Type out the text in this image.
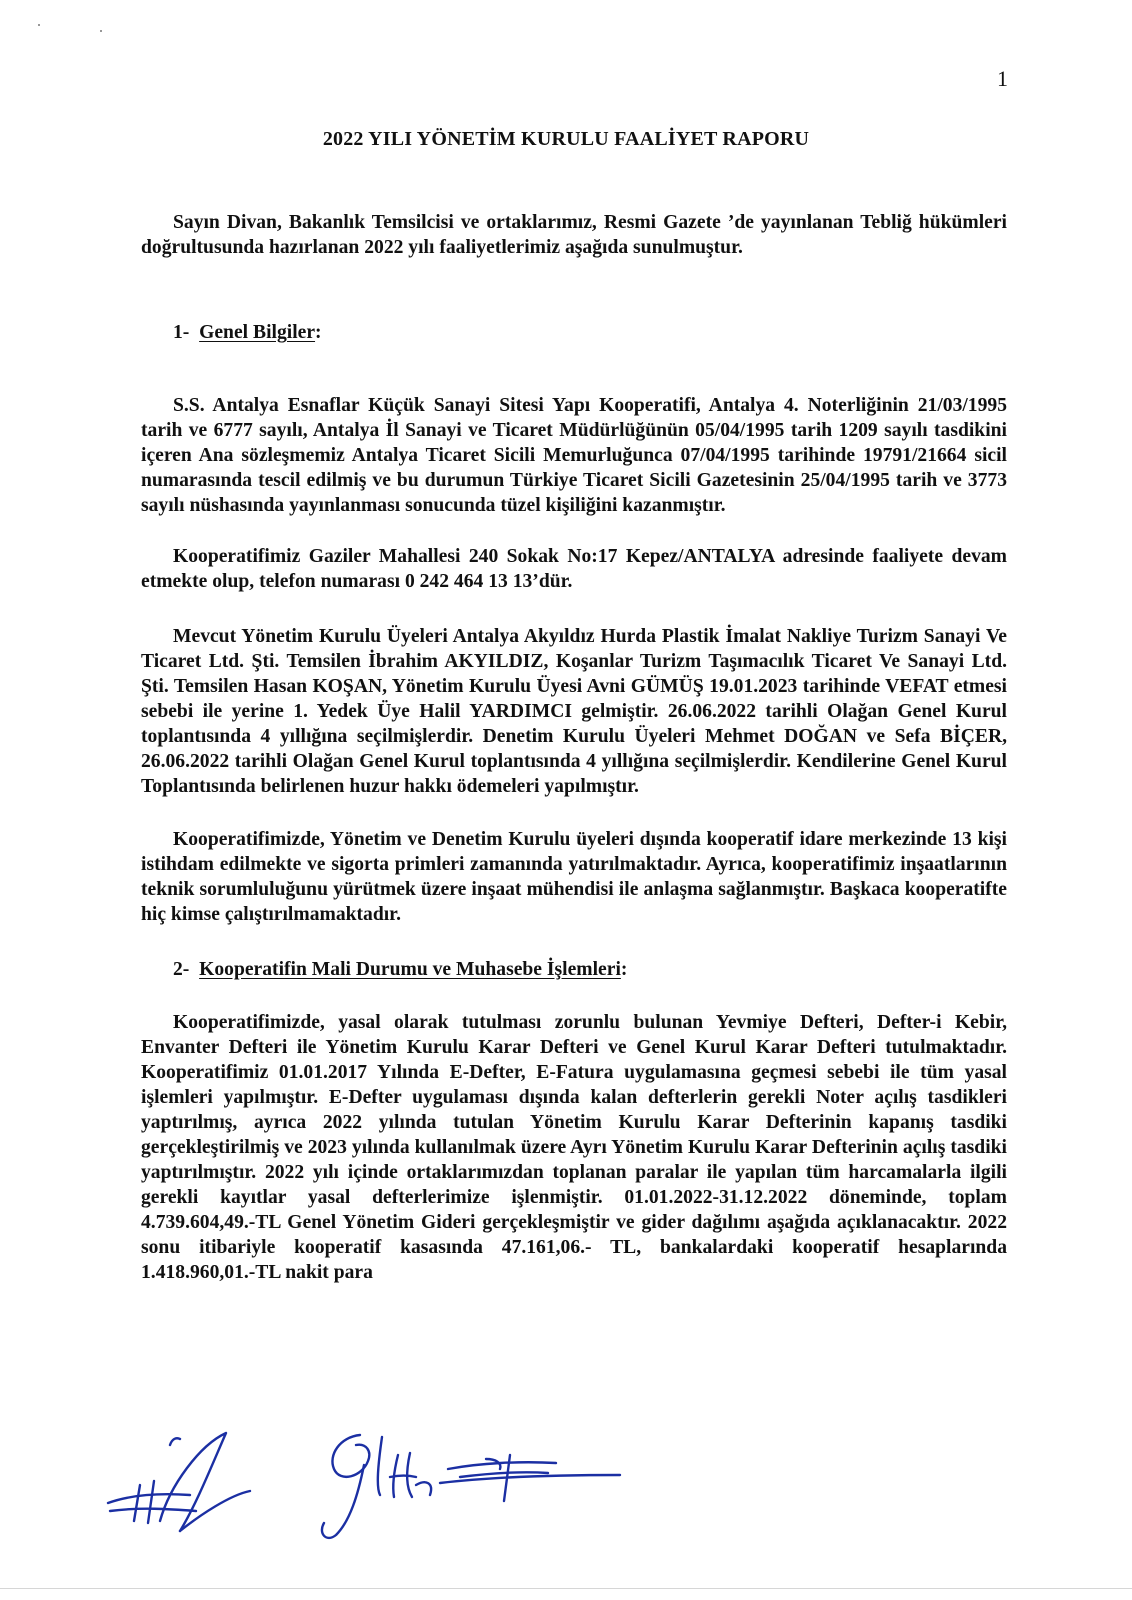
1
2022 YILI YÖNETİM KURULU FAALİYET RAPORU

Sayın Divan, Bakanlık Temsilcisi ve ortaklarımız, Resmi Gazete ’de yayınlanan Tebliğ hükümleri doğrultusunda hazırlanan 2022 yılı faaliyetlerimiz aşağıda sunulmuştur.

1- Genel Bilgiler:

S.S. Antalya Esnaflar Küçük Sanayi Sitesi Yapı Kooperatifi, Antalya 4. Noterliğinin 21/03/1995 tarih ve 6777 sayılı, Antalya İl Sanayi ve Ticaret Müdürlüğünün 05/04/1995 tarih 1209 sayılı tasdikini içeren Ana sözleşmemiz Antalya Ticaret Sicili Memurluğunca 07/04/1995 tarihinde 19791/21664 sicil numarasında tescil edilmiş ve bu durumun Türkiye Ticaret Sicili Gazetesinin 25/04/1995 tarih ve 3773 sayılı nüshasında yayınlanması sonucunda tüzel kişiliğini kazanmıştır.

Kooperatifimiz Gaziler Mahallesi 240 Sokak No:17 Kepez/ANTALYA adresinde faaliyete devam etmekte olup, telefon numarası 0 242 464 13 13’dür.

Mevcut Yönetim Kurulu Üyeleri Antalya Akyıldız Hurda Plastik İmalat Nakliye Turizm Sanayi Ve Ticaret Ltd. Şti. Temsilen İbrahim AKYILDIZ, Koşanlar Turizm Taşımacılık Ticaret Ve Sanayi Ltd. Şti. Temsilen Hasan KOŞAN, Yönetim Kurulu Üyesi Avni GÜMÜŞ 19.01.2023 tarihinde VEFAT etmesi sebebi ile yerine 1. Yedek Üye Halil YARDIMCI gelmiştir. 26.06.2022 tarihli Olağan Genel Kurul toplantısında 4 yıllığına seçilmişlerdir. Denetim Kurulu Üyeleri Mehmet DOĞAN ve Sefa BİÇER, 26.06.2022 tarihli Olağan Genel Kurul toplantısında 4 yıllığına seçilmişlerdir. Kendilerine Genel Kurul Toplantısında belirlenen huzur hakkı ödemeleri yapılmıştır.

Kooperatifimizde, Yönetim ve Denetim Kurulu üyeleri dışında kooperatif idare merkezinde 13 kişi istihdam edilmekte ve sigorta primleri zamanında yatırılmaktadır. Ayrıca, kooperatifimiz inşaatlarının teknik sorumluluğunu yürütmek üzere inşaat mühendisi ile anlaşma sağlanmıştır. Başkaca kooperatifte hiç kimse çalıştırılmamaktadır.

2- Kooperatifin Mali Durumu ve Muhasebe İşlemleri:

Kooperatifimizde, yasal olarak tutulması zorunlu bulunan Yevmiye Defteri, Defter-i Kebir, Envanter Defteri ile Yönetim Kurulu Karar Defteri ve Genel Kurul Karar Defteri tutulmaktadır. Kooperatifimiz 01.01.2017 Yılında E-Defter, E-Fatura uygulamasına geçmesi sebebi ile tüm yasal işlemleri yapılmıştır. E-Defter uygulaması dışında kalan defterlerin gerekli Noter açılış tasdikleri yaptırılmış, ayrıca 2022 yılında tutulan Yönetim Kurulu Karar Defterinin kapanış tasdiki gerçekleştirilmiş ve 2023 yılında kullanılmak üzere Ayrı Yönetim Kurulu Karar Defterinin açılış tasdiki yaptırılmıştır. 2022 yılı içinde ortaklarımızdan toplanan paralar ile yapılan tüm harcamalarla ilgili gerekli kayıtlar yasal defterlerimize işlenmiştir. 01.01.2022-31.12.2022 döneminde, toplam 4.739.604,49.-TL Genel Yönetim Gideri gerçekleşmiştir ve gider dağılımı aşağıda açıklanacaktır. 2022 sonu itibariyle kooperatif kasasında 47.161,06.- TL, bankalardaki kooperatif hesaplarında 1.418.960,01.-TL nakit para
